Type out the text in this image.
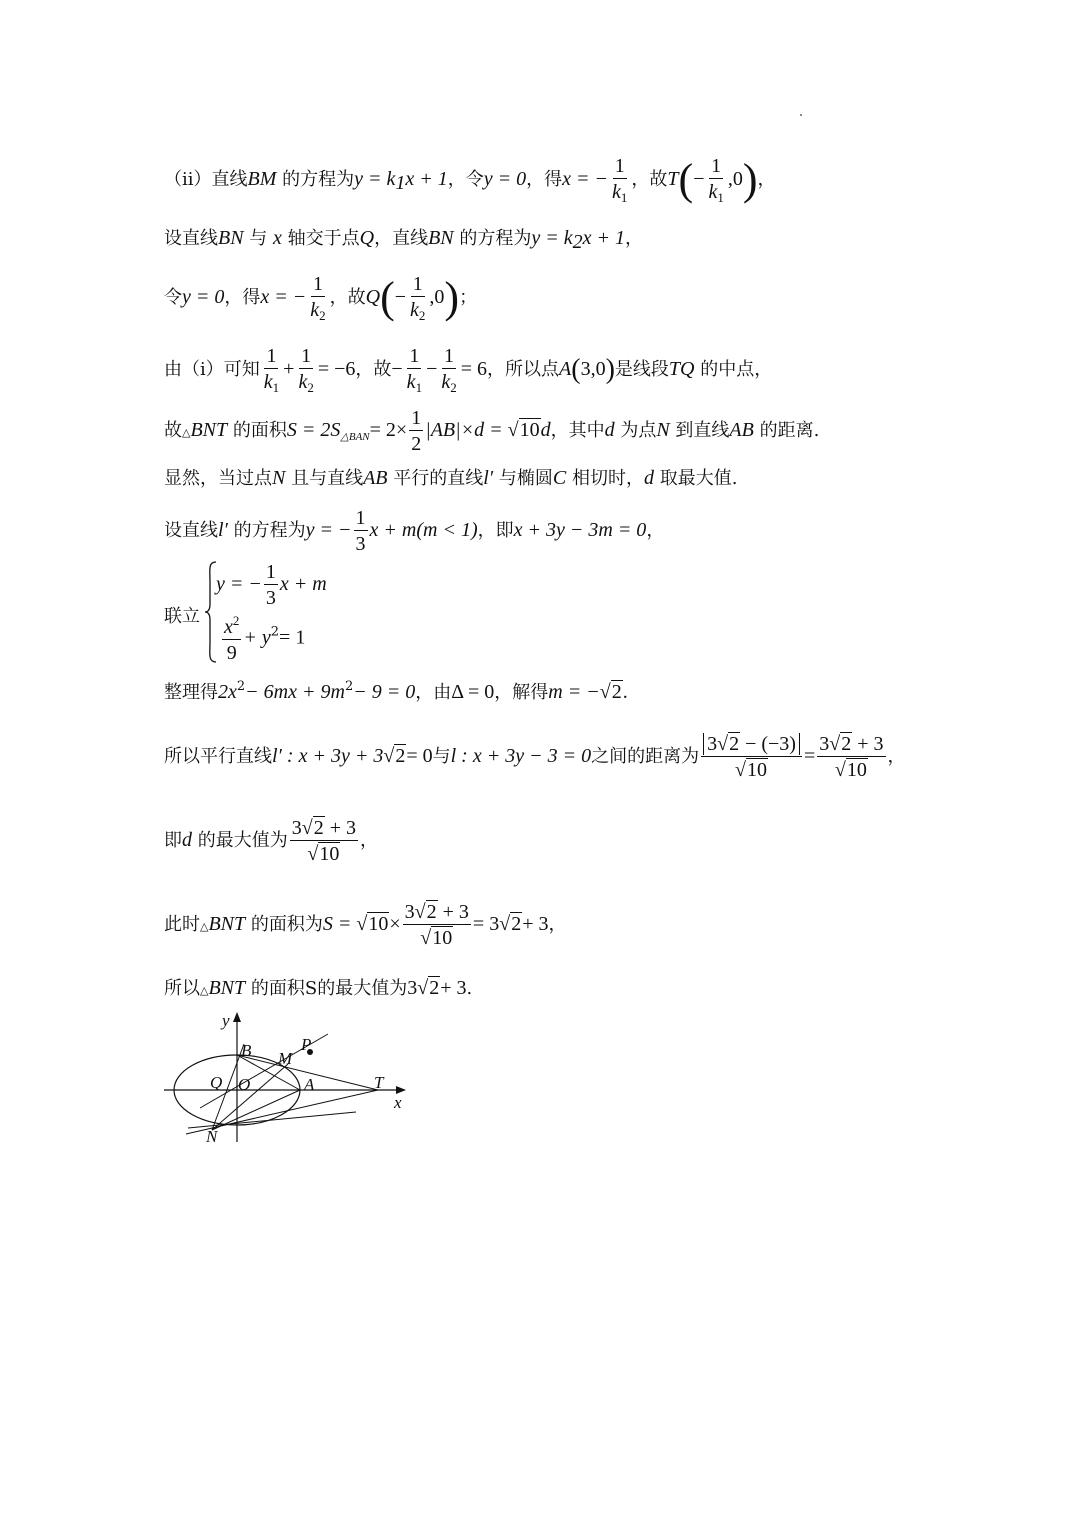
（ii）直线BM 的方程为$y = k_1x + 1$，令y = 0，得x = − $\frac{1}{k_1}$ ，故$T(- \frac{1}{k_1} ,0)$，
设直线BN 与 x 轴交于点Q，直线BN 的方程为$y = k_2x + 1$，
令y = 0，得x = − $\frac{1}{k_2}$ ，故$Q(- \frac{1}{k_2} ,0)$；
由（i）可知 $\frac{1}{k_1} + \frac{1}{k_2} = -6$，故− $\frac{1}{k_1} - \frac{1}{k_2} = 6$，所以点A(3,0)是线段TQ 的中点，
故△BNT 的面积$S = 2S_{\triangle BAN}= 2\times \frac{1}{2} |AB|\times d = √10d$，其中d 为点N 到直线AB 的距离.
显然，当过点N 且与直线AB 平行的直线l′ 与椭圆C 相切时，d 取最大值.
设直线l′ 的方程为y = − $\frac{1}{3}$ x + m(m < 1)，即x + 3y − 3m = 0，
联立
y = − $\frac{1}{3}$ x + m
$\frac{x^2}{9} + y^2= 1$
整理得$2x^2- 6mx + 9m^2- 9 = 0$，由Δ = 0，解得m = −√2.
所以平行直线l′ : x + 3y + 3√2= 0与l : x + 3y − 3 = 0之间的距离为 $\frac{3√2 - (-3)}{√10} = \frac{3√2 + 3}{√10}$ ，
即d 的最大值为 $\frac{3√2 + 3}{√10}$ ，
此时△BNT 的面积为$S = √10\times \frac{3√2 + 3}{√10} = 3√2+ 3$，
所以△BNT 的面积S的最大值为3√2+ 3.
y
x
B M
P
Q O	A	T
N
